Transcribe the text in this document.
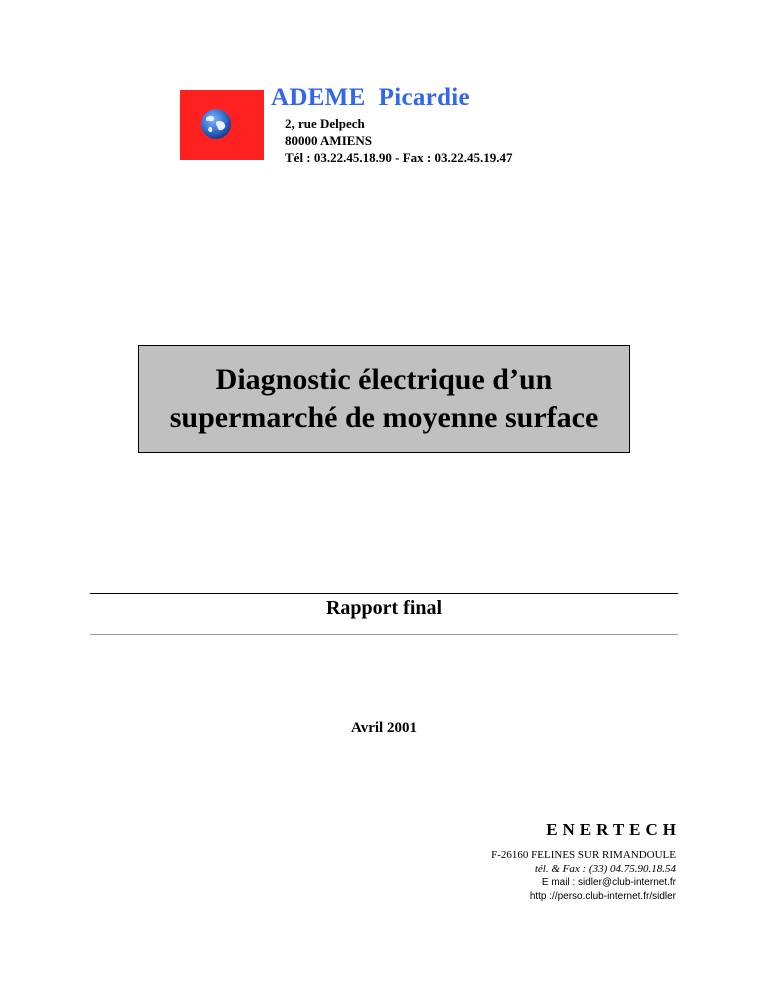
ADEME  Picardie
2, rue Delpech
80000 AMIENS
Tél : 03.22.45.18.90 - Fax : 03.22.45.19.47
Diagnostic électrique d’un
supermarché de moyenne surface
Rapport final
Avril 2001
ENERTECH
F-26160 FELINES SUR RIMANDOULE
tél. & Fax : (33) 04.75.90.18.54
E mail : sidler@club-internet.fr
http ://perso.club-internet.fr/sidler
